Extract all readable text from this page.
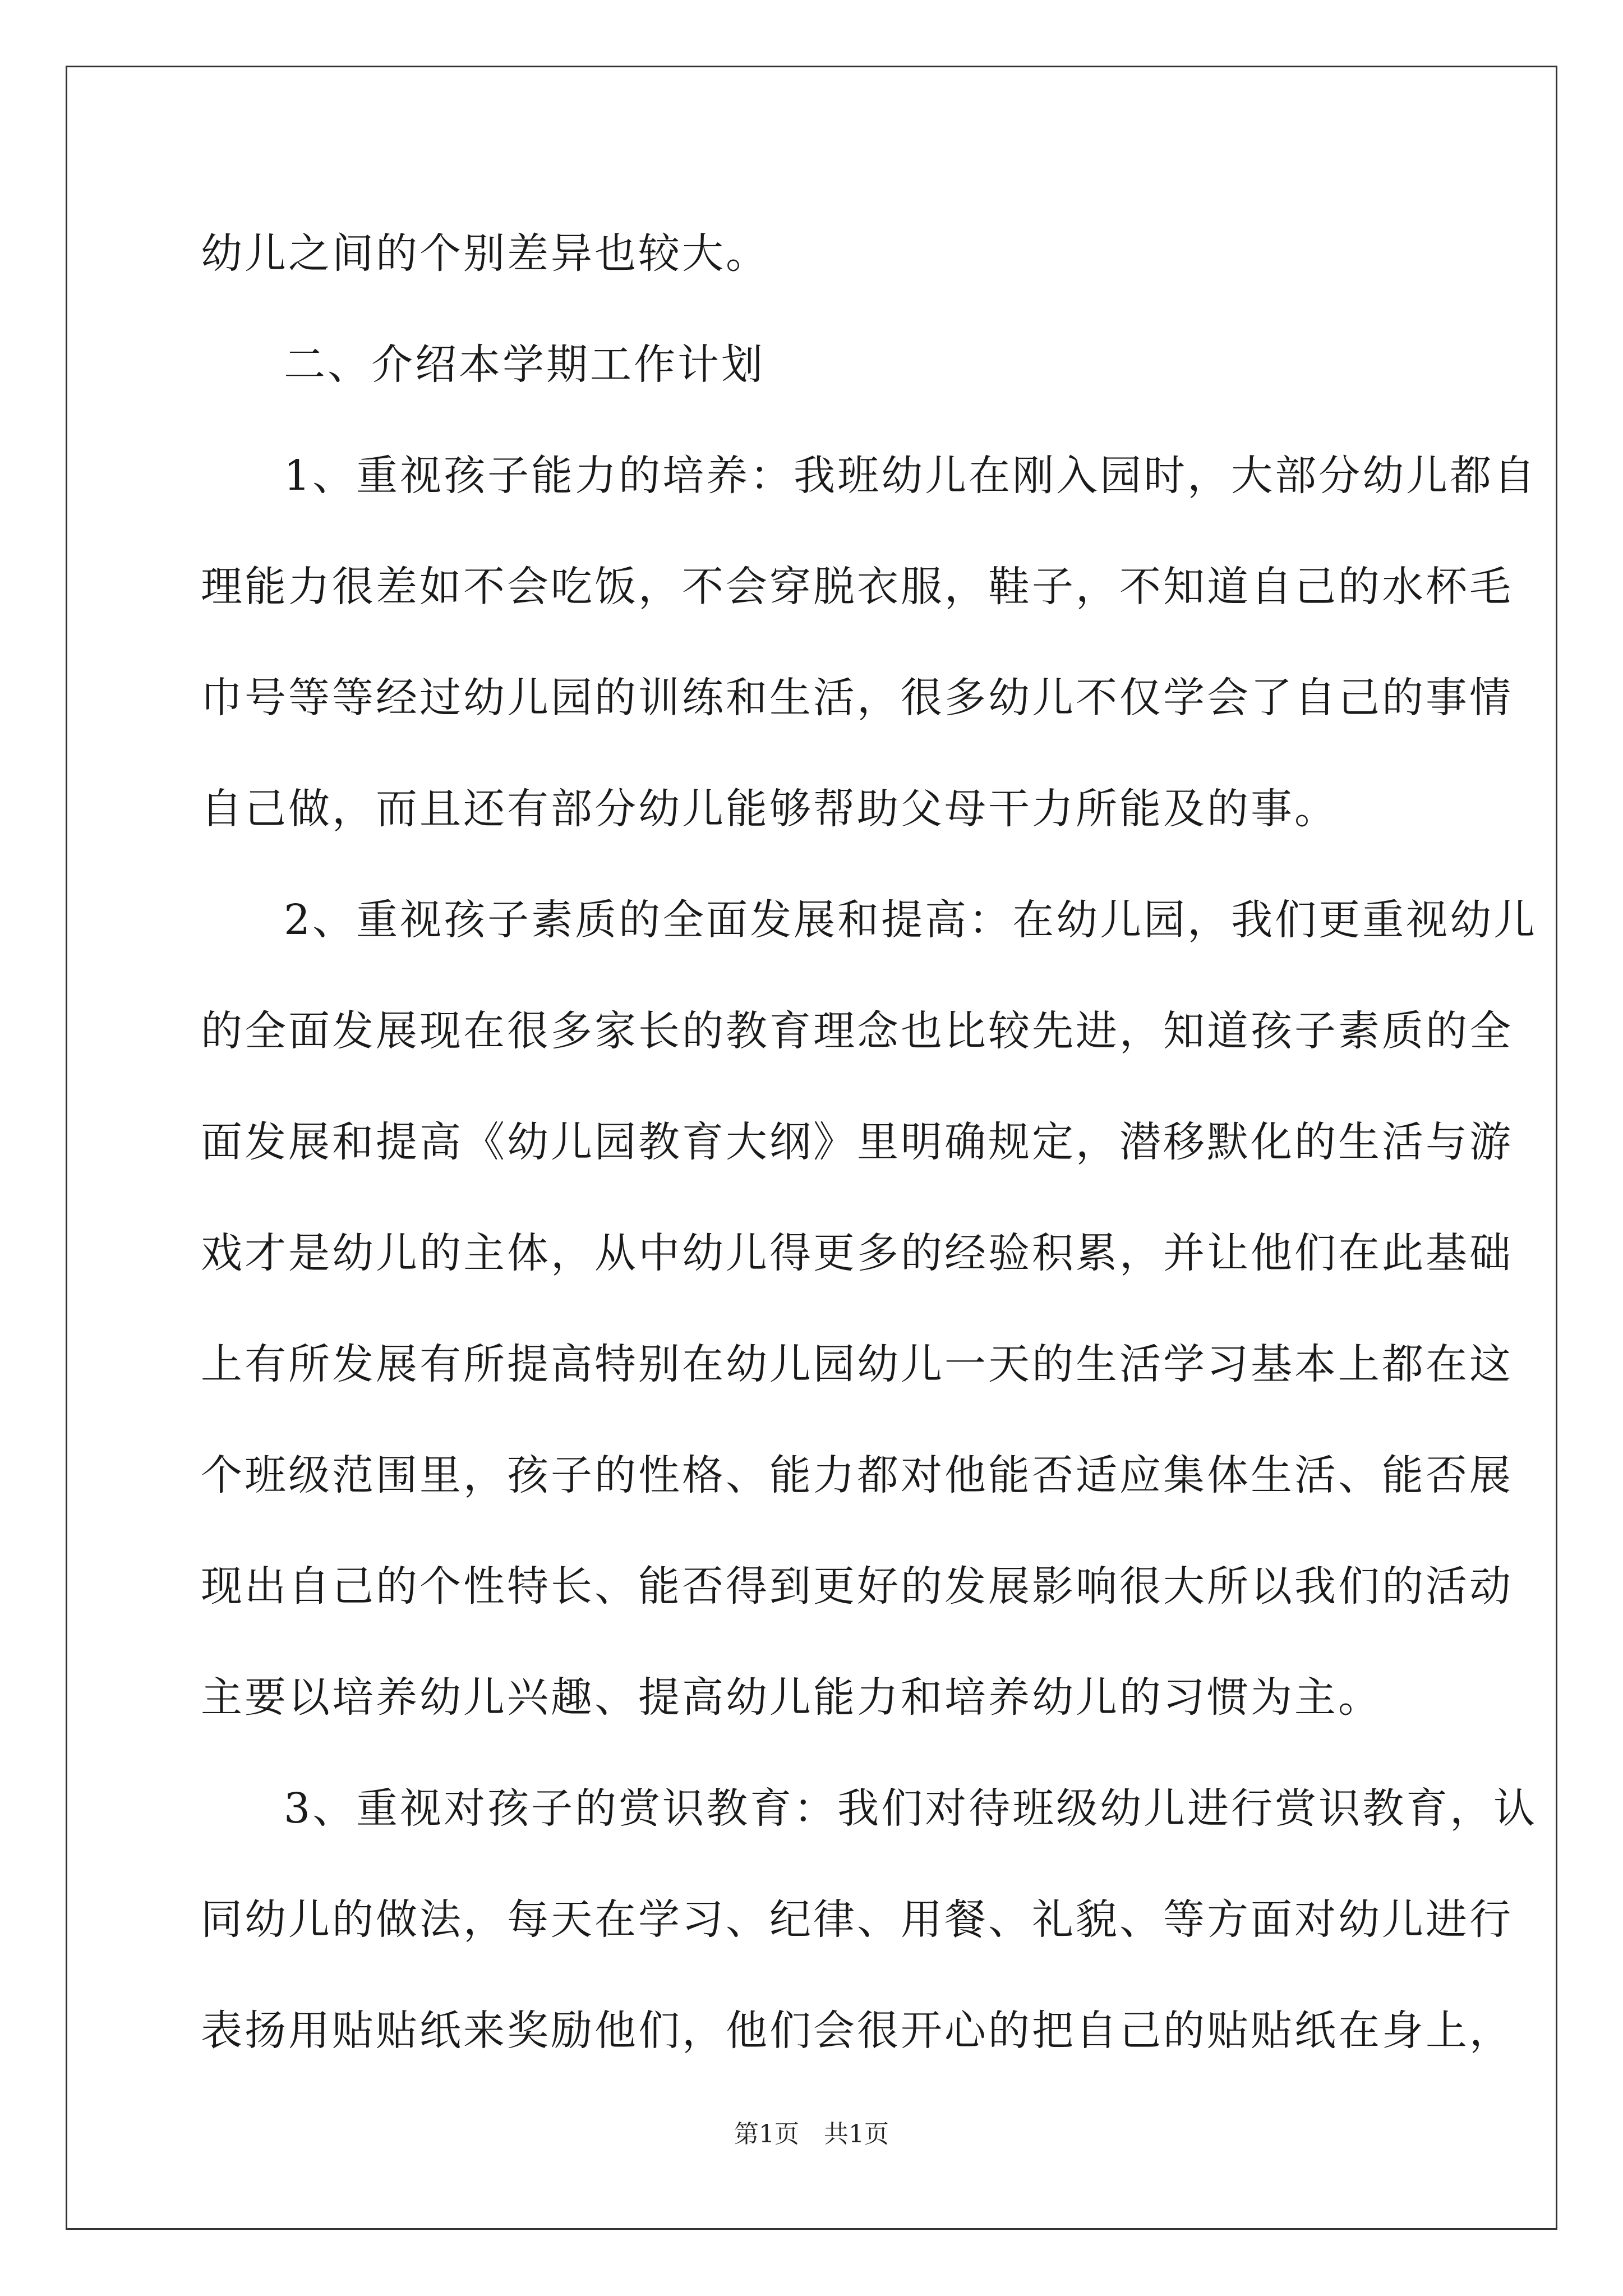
幼儿之间的个别差异也较大。
二、介绍本学期工作计划
1、重视孩子能力的培养：我班幼儿在刚入园时，大部分幼儿都自
理能力很差如不会吃饭，不会穿脱衣服，鞋子，不知道自己的水杯毛
巾号等等经过幼儿园的训练和生活，很多幼儿不仅学会了自己的事情
自己做，而且还有部分幼儿能够帮助父母干力所能及的事。
2、重视孩子素质的全面发展和提高：在幼儿园，我们更重视幼儿
的全面发展现在很多家长的教育理念也比较先进，知道孩子素质的全
面发展和提高《幼儿园教育大纲》里明确规定，潜移默化的生活与游
戏才是幼儿的主体，从中幼儿得更多的经验积累，并让他们在此基础
上有所发展有所提高特别在幼儿园幼儿一天的生活学习基本上都在这
个班级范围里，孩子的性格、能力都对他能否适应集体生活、能否展
现出自己的个性特长、能否得到更好的发展影响很大所以我们的活动
主要以培养幼儿兴趣、提高幼儿能力和培养幼儿的习惯为主。
3、重视对孩子的赏识教育：我们对待班级幼儿进行赏识教育，认
同幼儿的做法，每天在学习、纪律、用餐、礼貌、等方面对幼儿进行
表扬用贴贴纸来奖励他们，他们会很开心的把自己的贴贴纸在身上，
第1页　共1页
